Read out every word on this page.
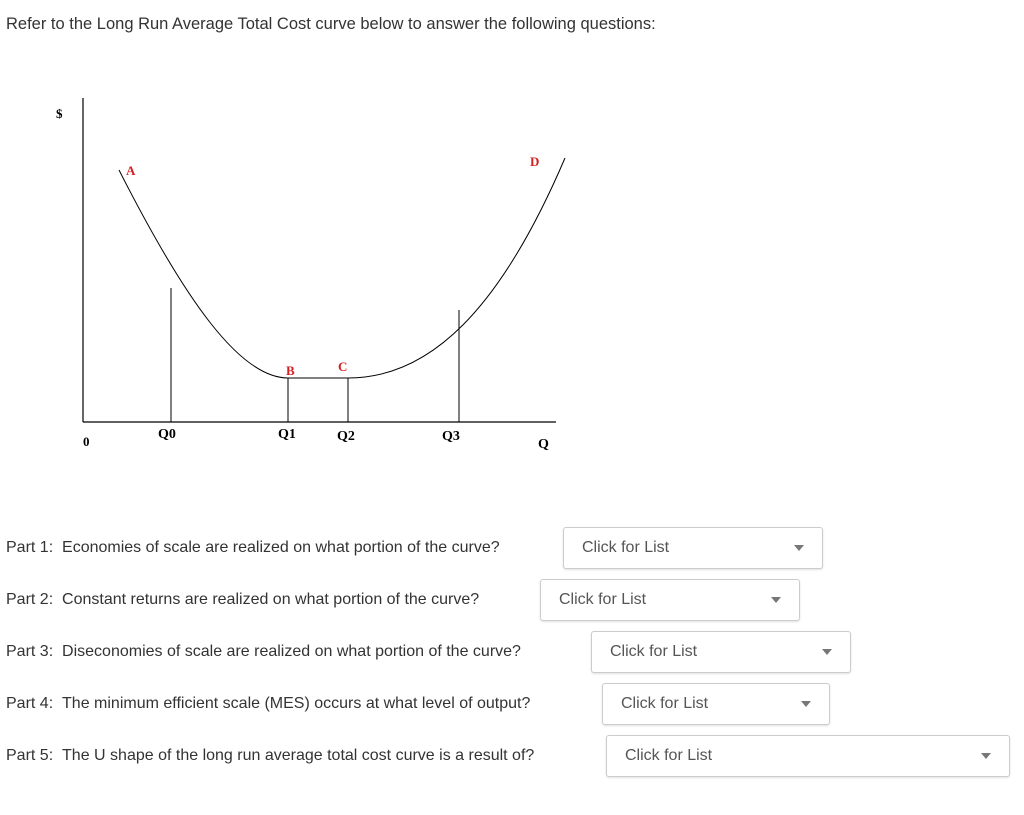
Refer to the Long Run Average Total Cost curve below to answer the following questions:
$
0	Q
Q0	Q1	Q2	Q3
A
B	C
D
Part 1:
Economies of scale are realized on what portion of the curve?	Click for List
Part 2:
Constant returns are realized on what portion of the curve?	Click for List
Part 3:
Diseconomies of scale are realized on what portion of the curve?	Click for List
Part 4:
The minimum efficient scale (MES) occurs at what level of output?	Click for List
Part 5:
The U shape of the long run average total cost curve is a result of?	Click for List
